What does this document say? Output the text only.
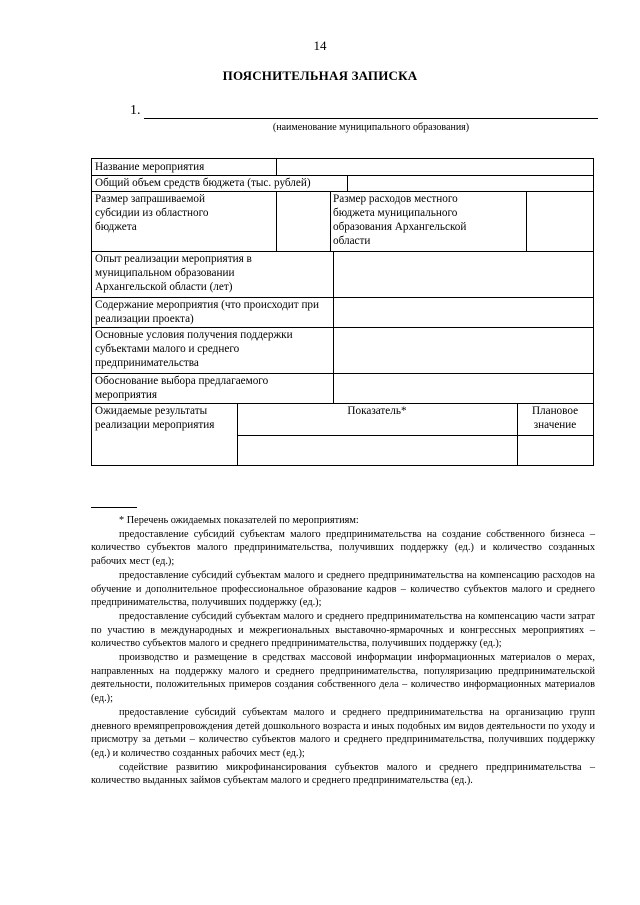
14
ПОЯСНИТЕЛЬНАЯ ЗАПИСКА
1.
(наименование муниципального образования)
Название мероприятия
Общий объем средств бюджета (тыс. рублей)
Размер запрашиваемой субсидии из областного бюджета
Размер расходов местного бюджета муниципального образования Архангельской области
Опыт реализации мероприятия в муниципальном образовании Архангельской области (лет)
Содержание мероприятия (что происходит при реализации проекта)
Основные условия получения поддержки субъектами малого и среднего предпринимательства
Обоснование выбора предлагаемого мероприятия
Ожидаемые результаты реализации мероприятия
Показатель*	Плановое значение

* Перечень ожидаемых показателей по мероприятиям:

предоставление субсидий субъектам малого предпринимательства на создание собственного бизнеса – количество субъектов малого предпринимательства, получивших поддержку (ед.) и количество созданных рабочих мест (ед.);

предоставление субсидий субъектам малого и среднего предпринимательства на компенсацию расходов на обучение и дополнительное профессиональное образование кадров – количество субъектов малого и среднего предпринимательства, получивших поддержку (ед.);

предоставление субсидий субъектам малого и среднего предпринимательства на компенсацию части затрат по участию в международных и межрегиональных выставочно-ярмарочных и конгрессных мероприятиях – количество субъектов малого и среднего предпринимательства, получивших поддержку (ед.);

производство и размещение в средствах массовой информации информационных материалов о мерах, направленных на поддержку малого и среднего предпринимательства, популяризацию предпринимательской деятельности, положительных примеров создания собственного дела – количество информационных материалов (ед.);

предоставление субсидий субъектам малого и среднего предпринимательства на организацию групп дневного времяпрепровождения детей дошкольного возраста и иных подобных им видов деятельности по уходу и присмотру за детьми – количество субъектов малого и среднего предпринимательства, получивших поддержку (ед.) и количество созданных рабочих мест (ед.);

содействие развитию микрофинансирования субъектов малого и среднего предпринимательства – количество выданных займов субъектам малого и среднего предпринимательства (ед.).
